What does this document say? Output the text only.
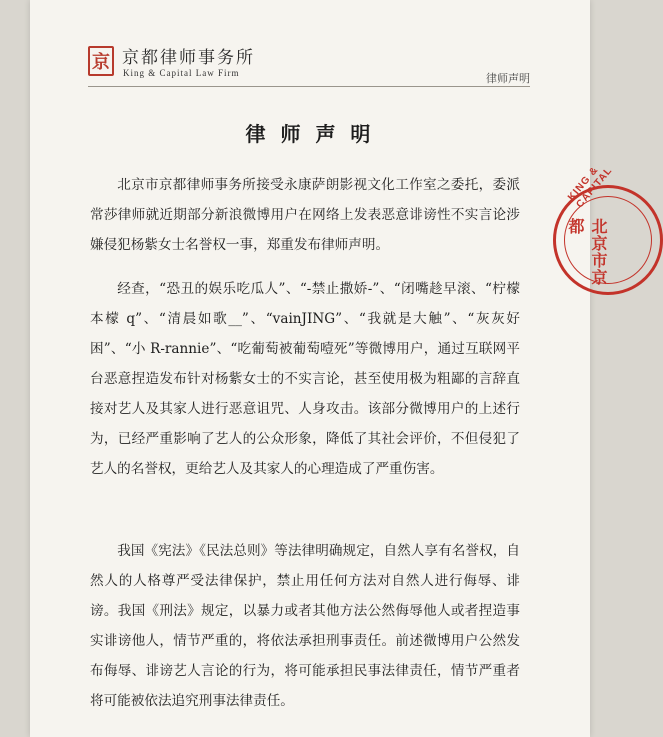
京 京都律师事务所
King & Capital Law Firm	律师声明
律 师 声 明
北京市京都律师事务所接受永康萨朗影视文化工作室之委托，委派常莎律师就近期部分新浪微博用户在网络上发表恶意诽谤性不实言论涉嫌侵犯杨紫女士名誉权一事，郑重发布律师声明。
经查，“恐丑的娱乐吃瓜人”、“-禁止撒娇-”、“闭嘴趁早滚、“柠檬本檬 q”、“清晨如歌__”、“vainJING”、“我就是大触”、“灰灰好困”、“小 R-rannie”、“吃葡萄被葡萄噎死”等微博用户，通过互联网平台恶意捏造发布针对杨紫女士的不实言论，甚至使用极为粗鄙的言辞直接对艺人及其家人进行恶意诅咒、人身攻击。该部分微博用户的上述行为，已经严重影响了艺人的公众形象，降低了其社会评价，不但侵犯了艺人的名誉权，更给艺人及其家人的心理造成了严重伤害。
我国《宪法》《民法总则》等法律明确规定，自然人享有名誉权，自然人的人格尊严受法律保护，禁止用任何方法对自然人进行侮辱、诽谤。我国《刑法》规定，以暴力或者其他方法公然侮辱他人或者捏造事实诽谤他人，情节严重的，将依法承担刑事责任。前述微博用户公然发布侮辱、诽谤艺人言论的行为，将可能承担民事法律责任，情节严重者将可能被依法追究刑事法律责任。
KING & CAPITAL
北京市京都
